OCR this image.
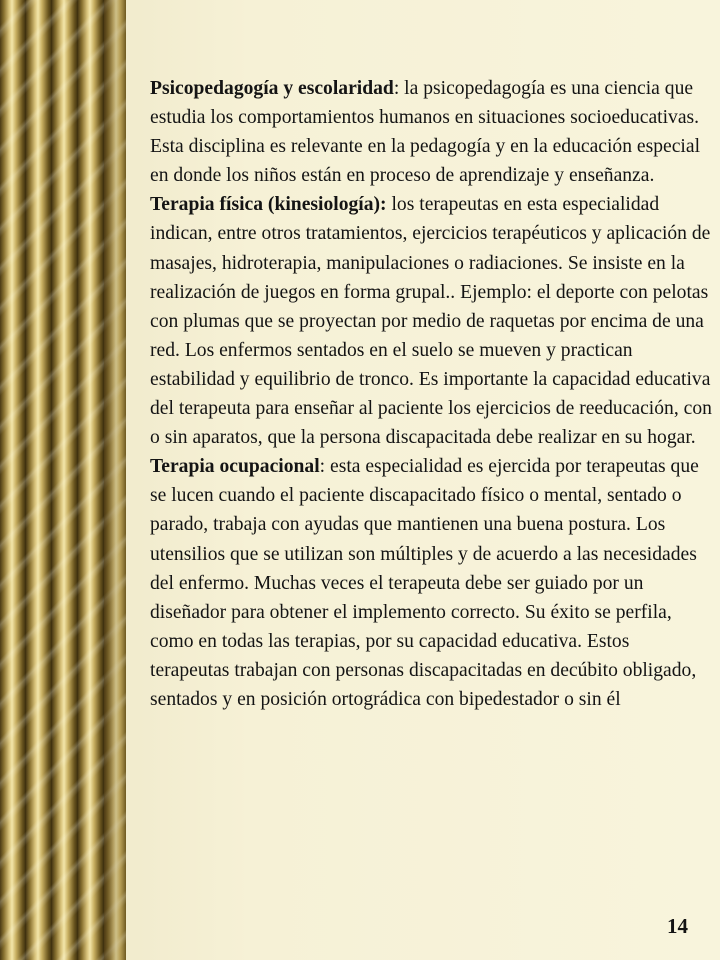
Psicopedagogía y escolaridad: la psicopedagogía es una ciencia que estudia los comportamientos humanos en situaciones socioeducativas. Esta disciplina es relevante en la pedagogía y en la educación especial en donde los niños están en proceso de aprendizaje y enseñanza.

Terapia física (kinesiología): los terapeutas en esta especialidad indican, entre otros tratamientos, ejercicios terapéuticos y aplicación de masajes, hidroterapia, manipulaciones o radiaciones. Se insiste en la realización de juegos en forma grupal.. Ejemplo: el deporte con pelotas con plumas que se proyectan por medio de raquetas por encima de una red. Los enfermos sentados en el suelo se mueven y practican estabilidad y equilibrio de tronco. Es importante la capacidad educativa del terapeuta para enseñar al paciente los ejercicios de reeducación, con o sin aparatos, que la persona discapacitada debe realizar en su hogar.

Terapia ocupacional: esta especialidad es ejercida por terapeutas que se lucen cuando el paciente discapacitado físico o mental, sentado o parado, trabaja con ayudas que mantienen una buena postura. Los utensilios que se utilizan son múltiples y de acuerdo a las necesidades del enfermo. Muchas veces el terapeuta debe ser guiado por un diseñador para obtener el implemento correcto. Su éxito se perfila, como en todas las terapias, por su capacidad educativa. Estos terapeutas trabajan con personas discapacitadas en decúbito obligado, sentados y en posición ortográdica con bipedestador o sin él

14
